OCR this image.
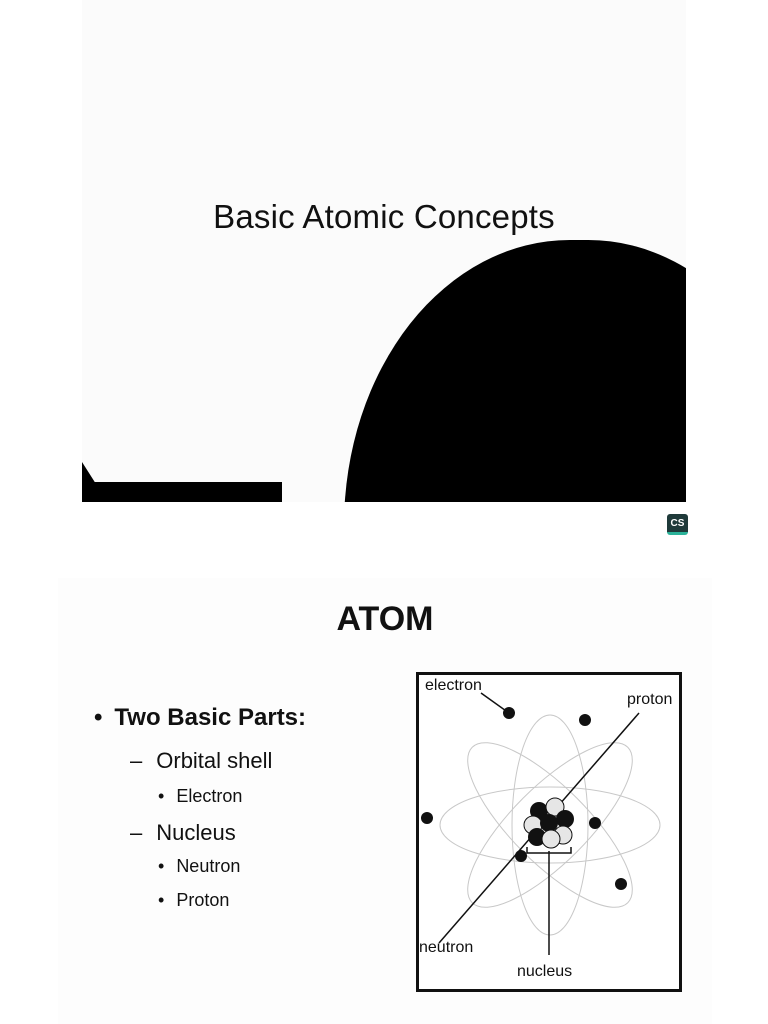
Basic Atomic Concepts
CS
ATOM
• Two Basic Parts:
– Orbital shell
• Electron
– Nucleus
• Neutron
• Proton
electron
proton
neutron
nucleus
